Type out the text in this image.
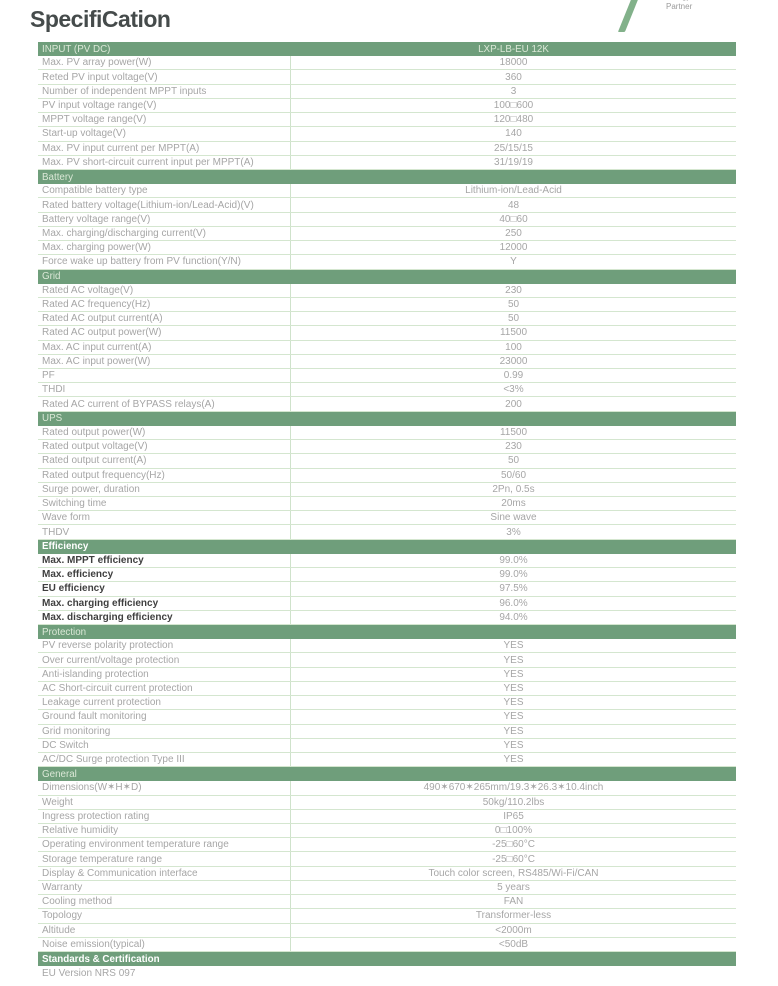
SpecifiCation	Partner
INPUT (PV DC)	LXP-LB-EU 12K
Max. PV array power(W)	18000
Reted PV input voltage(V)	360
Number of independent MPPT inputs	3
PV input voltage range(V)	100□600
MPPT voltage range(V)	120□480
Start-up voltage(V)	140
Max. PV input current per MPPT(A)	25/15/15
Max. PV short-circuit current input per MPPT(A)	31/19/19
Battery
Compatible battery type	Lithium-ion/Lead-Acid
Rated battery voltage(Lithium-ion/Lead-Acid)(V)	48
Battery voltage range(V)	40□60
Max. charging/discharging current(V)	250
Max. charging power(W)	12000
Force wake up battery from PV function(Y/N)	Y
Grid
Rated AC voltage(V)	230
Rated AC frequency(Hz)	50
Rated AC output current(A)	50
Rated AC output power(W)	11500
Max. AC input current(A)	100
Max. AC input power(W)	23000
PF	0.99
THDI	<3%
Rated AC current of BYPASS relays(A)	200
UPS
Rated output power(W)	11500
Rated output voltage(V)	230
Rated output current(A)	50
Rated output frequency(Hz)	50/60
Surge power, duration	2Pn, 0.5s
Switching time	20ms
Wave form	Sine wave
THDV	3%
Efficiency
Max. MPPT efficiency	99.0%
Max. efficiency	99.0%
EU efficiency	97.5%
Max. charging efficiency	96.0%
Max. discharging efficiency	94.0%
Protection
PV reverse polarity protection	YES
Over current/voltage protection	YES
Anti-islanding protection	YES
AC Short-circuit current protection	YES
Leakage current protection	YES
Ground fault monitoring	YES
Grid monitoring	YES
DC Switch	YES
AC/DC Surge protection Type III	YES
General
Dimensions(W✶H✶D)	490✶670✶265mm/19.3✶26.3✶10.4inch
Weight	50kg/110.2lbs
Ingress protection rating	IP65
Relative humidity	0□100%
Operating environment temperature range	-25□60°C
Storage temperature range	-25□60°C
Display & Communication interface	Touch color screen, RS485/Wi-Fi/CAN
Warranty	5 years
Cooling method	FAN
Topology	Transformer-less
Altitude	<2000m
Noise emission(typical)	<50dB
Standards & Certification
EU Version NRS 097
